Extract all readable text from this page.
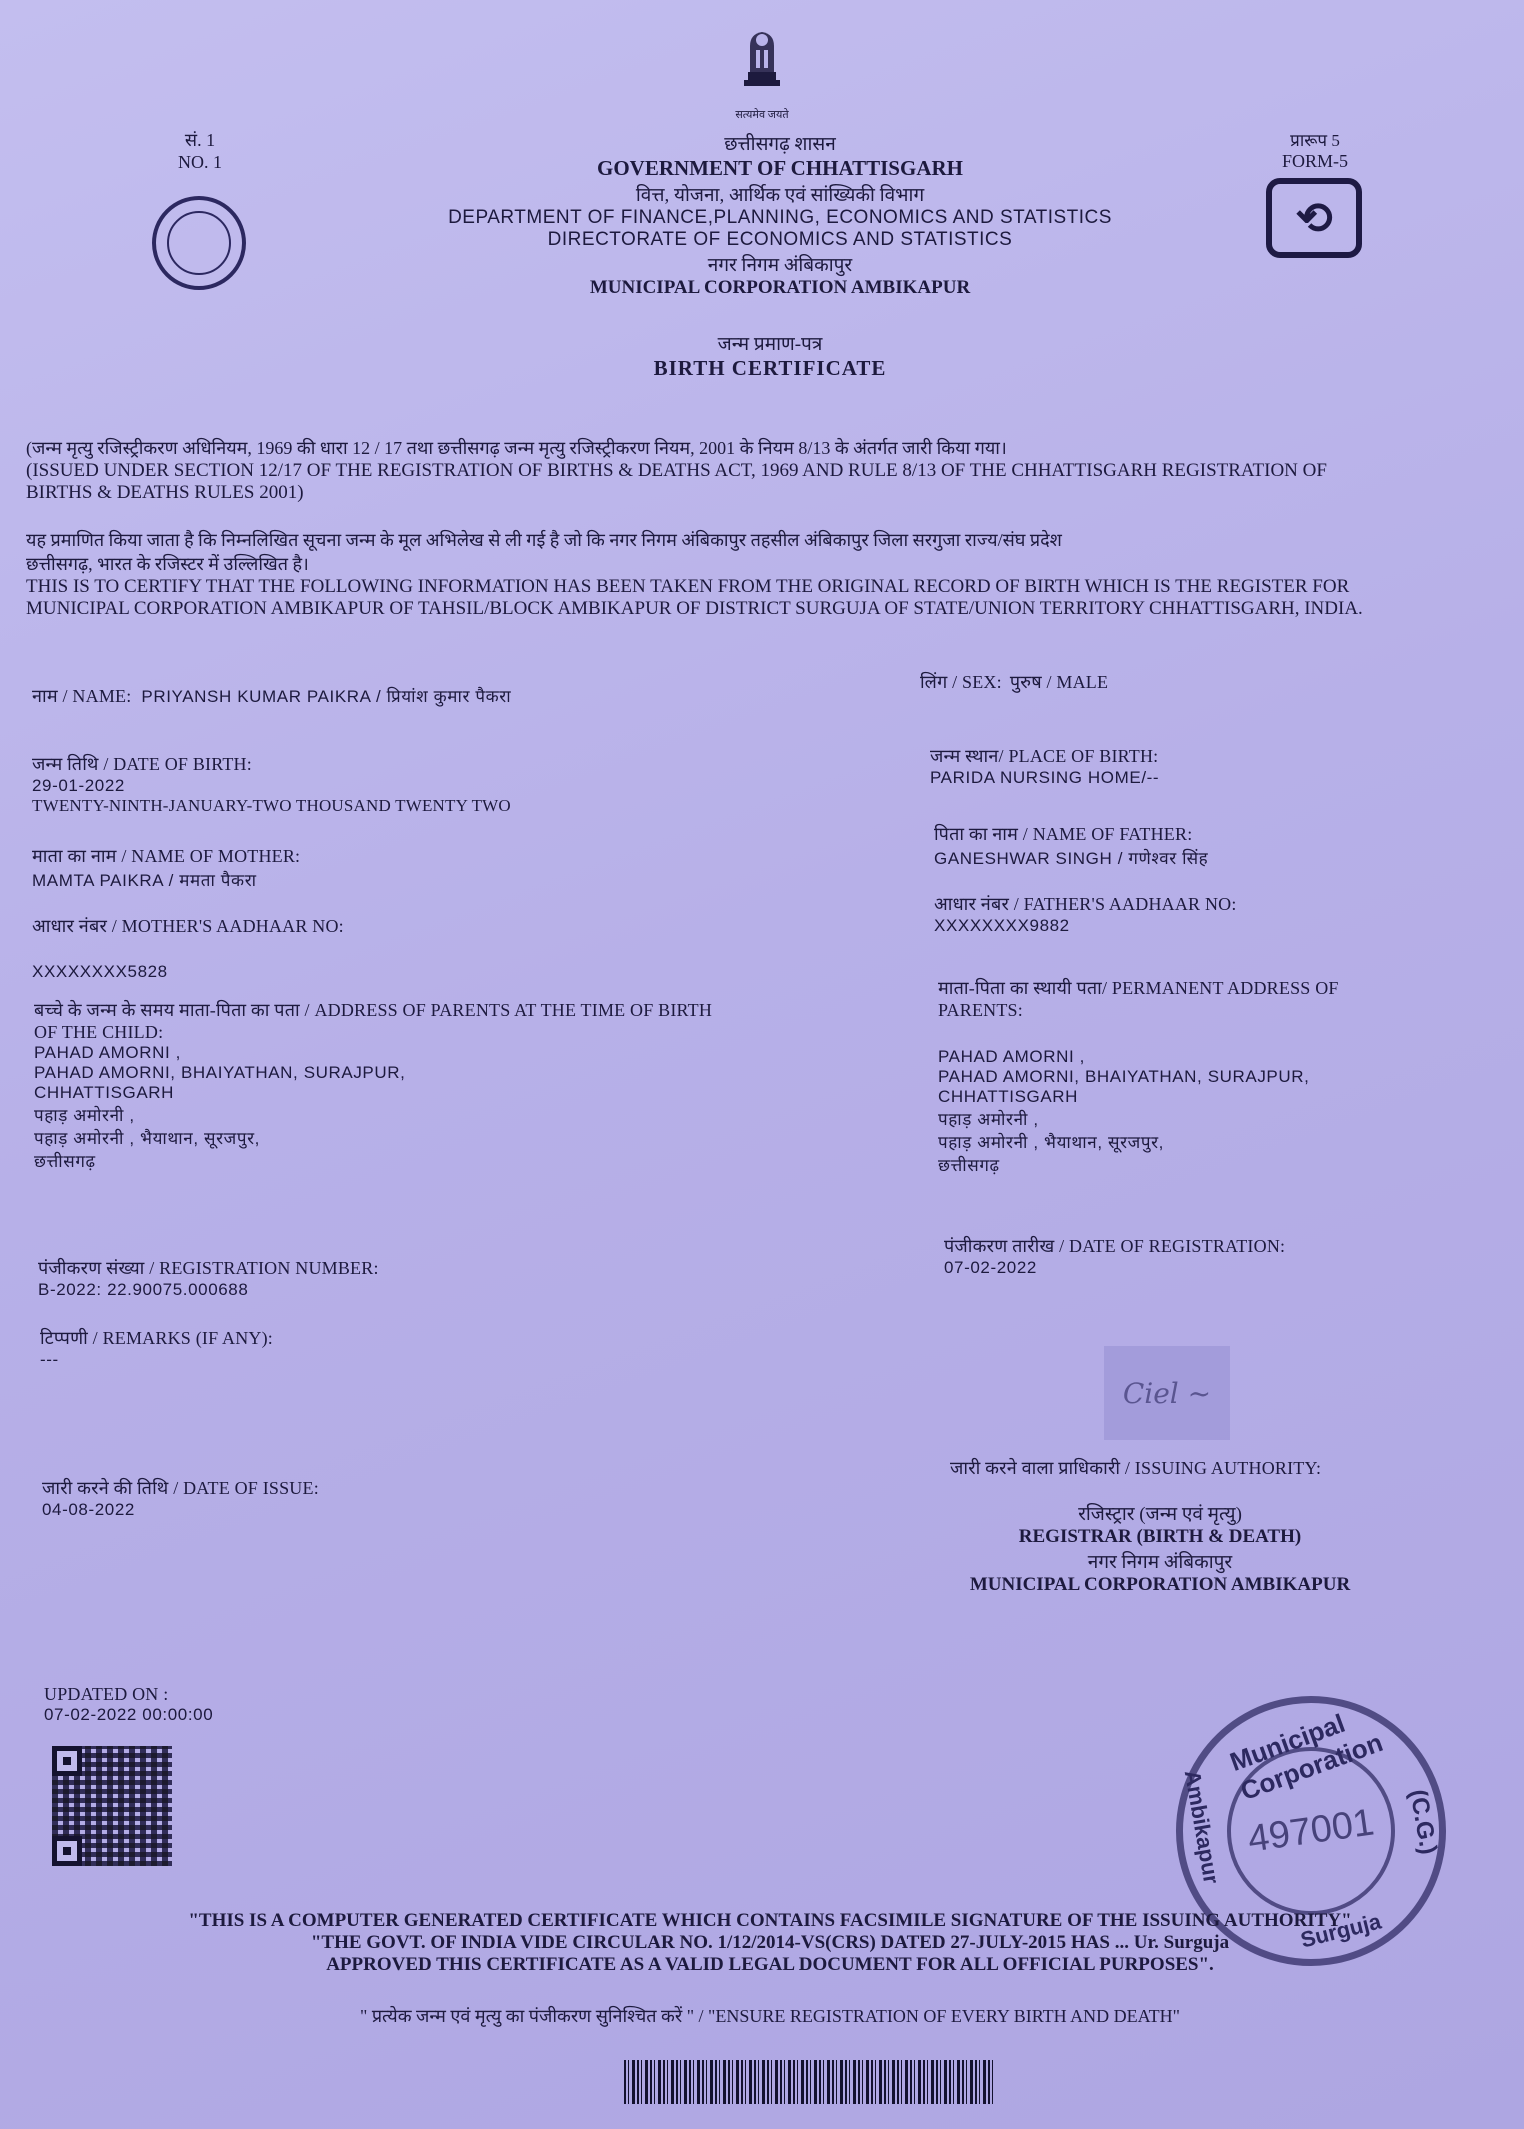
सत्यमेव जयते
सं. 1
NO. 1
प्रारूप 5
FORM-5
⟲
छत्तीसगढ़ शासन
GOVERNMENT OF CHHATTISGARH
वित्त, योजना, आर्थिक एवं सांख्यिकी विभाग
DEPARTMENT OF FINANCE,PLANNING, ECONOMICS AND STATISTICS
DIRECTORATE OF ECONOMICS AND STATISTICS
नगर निगम अंबिकापुर
MUNICIPAL CORPORATION AMBIKAPUR
जन्म प्रमाण-पत्र
BIRTH CERTIFICATE
(जन्म मृत्यु रजिस्ट्रीकरण अधिनियम, 1969 की धारा 12 / 17 तथा छत्तीसगढ़ जन्म मृत्यु रजिस्ट्रीकरण नियम, 2001 के नियम 8/13 के अंतर्गत जारी किया गया।
(ISSUED UNDER SECTION 12/17 OF THE REGISTRATION OF BIRTHS & DEATHS ACT, 1969 AND RULE 8/13 OF THE CHHATTISGARH REGISTRATION OF
BIRTHS & DEATHS RULES 2001)
यह प्रमाणित किया जाता है कि निम्नलिखित सूचना जन्म के मूल अभिलेख से ली गई है जो कि नगर निगम अंबिकापुर तहसील अंबिकापुर जिला सरगुजा राज्य/संघ प्रदेश
छत्तीसगढ़, भारत के रजिस्टर में उल्लिखित है।
THIS IS TO CERTIFY THAT THE FOLLOWING INFORMATION HAS BEEN TAKEN FROM THE ORIGINAL RECORD OF BIRTH WHICH IS THE REGISTER FOR
MUNICIPAL CORPORATION AMBIKAPUR OF TAHSIL/BLOCK AMBIKAPUR OF DISTRICT SURGUJA OF STATE/UNION TERRITORY CHHATTISGARH, INDIA.
नाम / NAME: PRIYANSH KUMAR PAIKRA / प्रियांश कुमार पैकरा
लिंग / SEX: पुरुष / MALE
जन्म तिथि / DATE OF BIRTH:
29-01-2022
TWENTY-NINTH-JANUARY-TWO THOUSAND TWENTY TWO
जन्म स्थान/ PLACE OF BIRTH:
PARIDA NURSING HOME/--
माता का नाम / NAME OF MOTHER:
MAMTA PAIKRA / ममता पैकरा
पिता का नाम / NAME OF FATHER:
GANESHWAR SINGH / गणेश्वर सिंह
आधार नंबर / MOTHER'S AADHAAR NO:
XXXXXXXX5828
आधार नंबर / FATHER'S AADHAAR NO:
XXXXXXXX9882
बच्चे के जन्म के समय माता-पिता का पता / ADDRESS OF PARENTS AT THE TIME OF BIRTH
OF THE CHILD:
PAHAD AMORNI ,
PAHAD AMORNI, BHAIYATHAN, SURAJPUR,
CHHATTISGARH
पहाड़ अमोरनी ,
पहाड़ अमोरनी , भैयाथान, सूरजपुर,
छत्तीसगढ़
माता-पिता का स्थायी पता/ PERMANENT ADDRESS OF
PARENTS:
PAHAD AMORNI ,
PAHAD AMORNI, BHAIYATHAN, SURAJPUR,
CHHATTISGARH
पहाड़ अमोरनी ,
पहाड़ अमोरनी , भैयाथान, सूरजपुर,
छत्तीसगढ़
पंजीकरण संख्या / REGISTRATION NUMBER:
B-2022: 22.90075.000688
पंजीकरण तारीख / DATE OF REGISTRATION:
07-02-2022
टिप्पणी / REMARKS (IF ANY):
---
Ciel ~
जारी करने की तिथि / DATE OF ISSUE:
04-08-2022
जारी करने वाला प्राधिकारी / ISSUING AUTHORITY:
रजिस्ट्रार (जन्म एवं मृत्यु)
REGISTRAR (BIRTH & DEATH)
नगर निगम अंबिकापुर
MUNICIPAL CORPORATION AMBIKAPUR
UPDATED ON :
07-02-2022 00:00:00
497001
Municipal Corporation
Ambikapur	(C.G.)
Surguja
"THIS IS A COMPUTER GENERATED CERTIFICATE WHICH CONTAINS FACSIMILE SIGNATURE OF THE ISSUING AUTHORITY"
"THE GOVT. OF INDIA VIDE CIRCULAR NO. 1/12/2014-VS(CRS) DATED 27-JULY-2015 HAS ... Ur. Surguja
APPROVED THIS CERTIFICATE AS A VALID LEGAL DOCUMENT FOR ALL OFFICIAL PURPOSES".
" प्रत्येक जन्म एवं मृत्यु का पंजीकरण सुनिश्चित करें " / "ENSURE REGISTRATION OF EVERY BIRTH AND DEATH"
